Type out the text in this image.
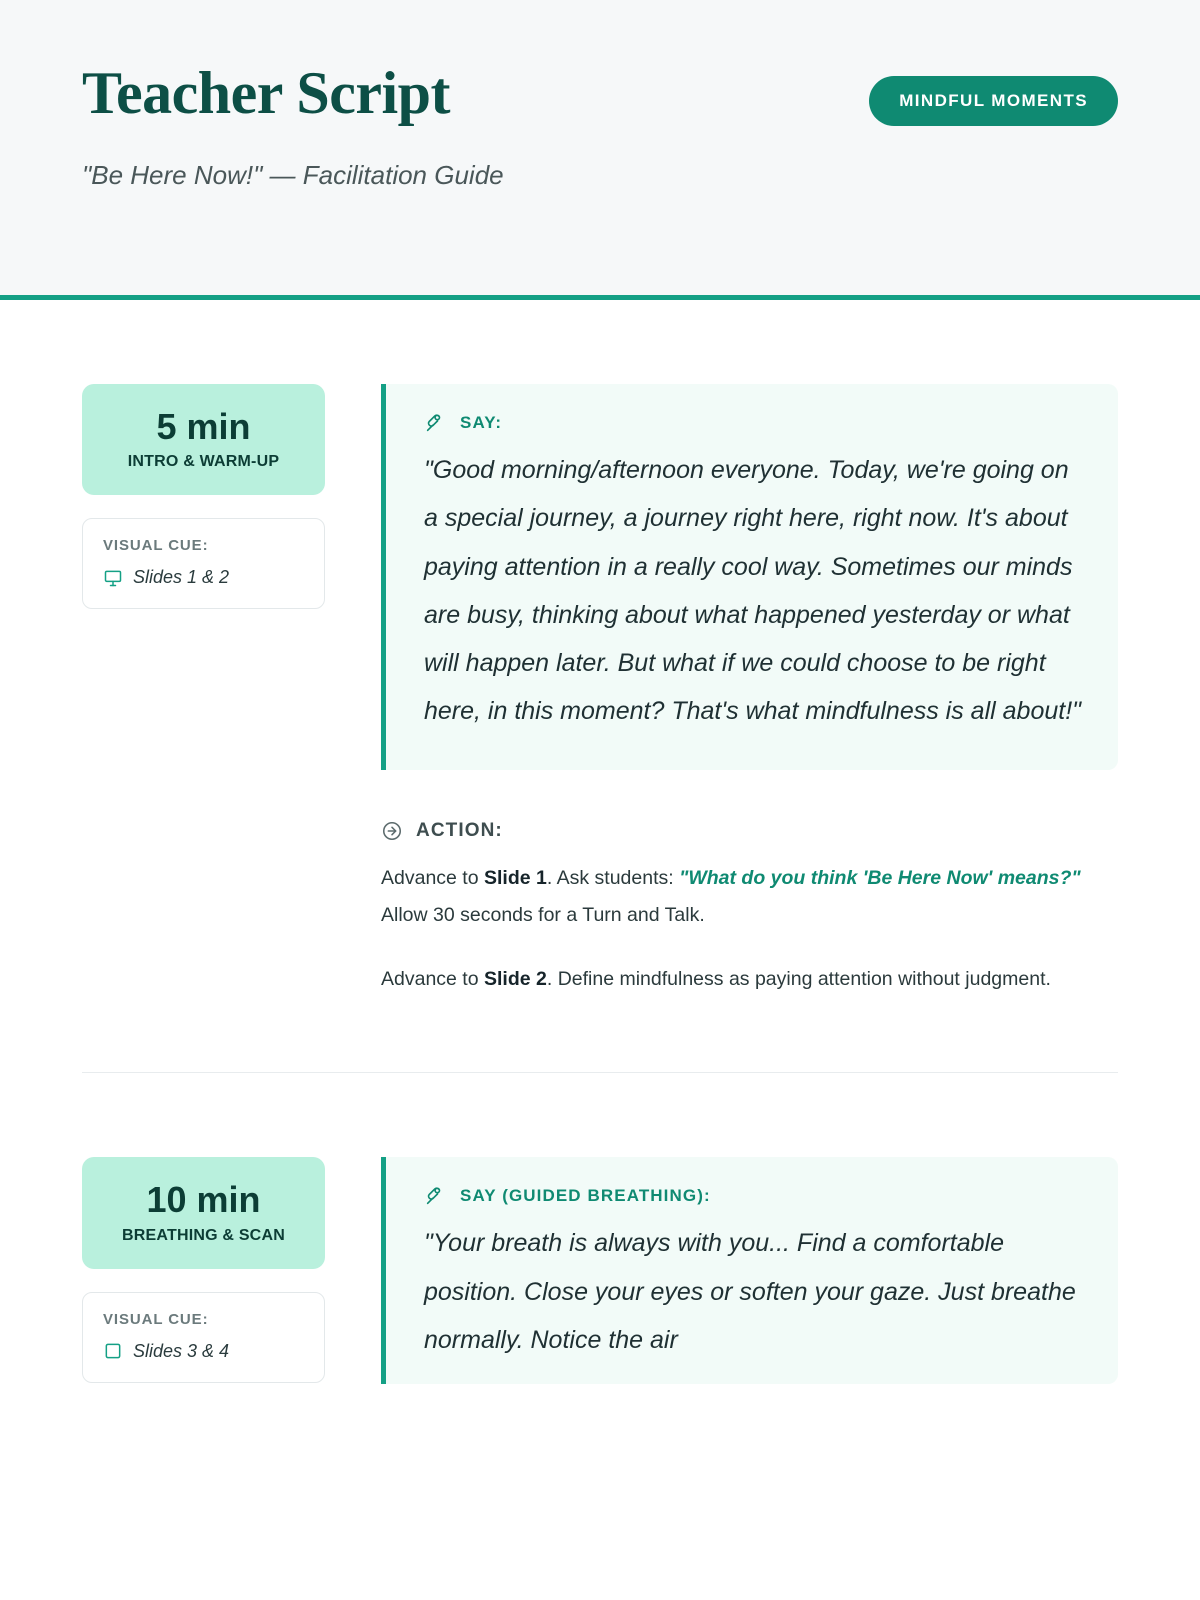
Teacher Script	MINDFUL MOMENTS

"Be Here Now!" — Facilitation Guide

5 min
INTRO & WARM-UP
VISUAL CUE:
Slides 1 & 2
SAY:

"Good morning/afternoon everyone. Today, we're going on a special journey, a journey right here, right now. It's about paying attention in a really cool way. Sometimes our minds are busy, thinking about what happened yesterday or what will happen later. But what if we could choose to be right here, in this moment? That's what mindfulness is all about!"

ACTION:

Advance to Slide 1. Ask students: "What do you think 'Be Here Now' means?" Allow 30 seconds for a Turn and Talk.

Advance to Slide 2. Define mindfulness as paying attention without judgment.

10 min
BREATHING & SCAN
VISUAL CUE:
Slides 3 & 4
SAY (GUIDED BREATHING):

"Your breath is always with you... Find a comfortable position. Close your eyes or soften your gaze. Just breathe normally. Notice the air
